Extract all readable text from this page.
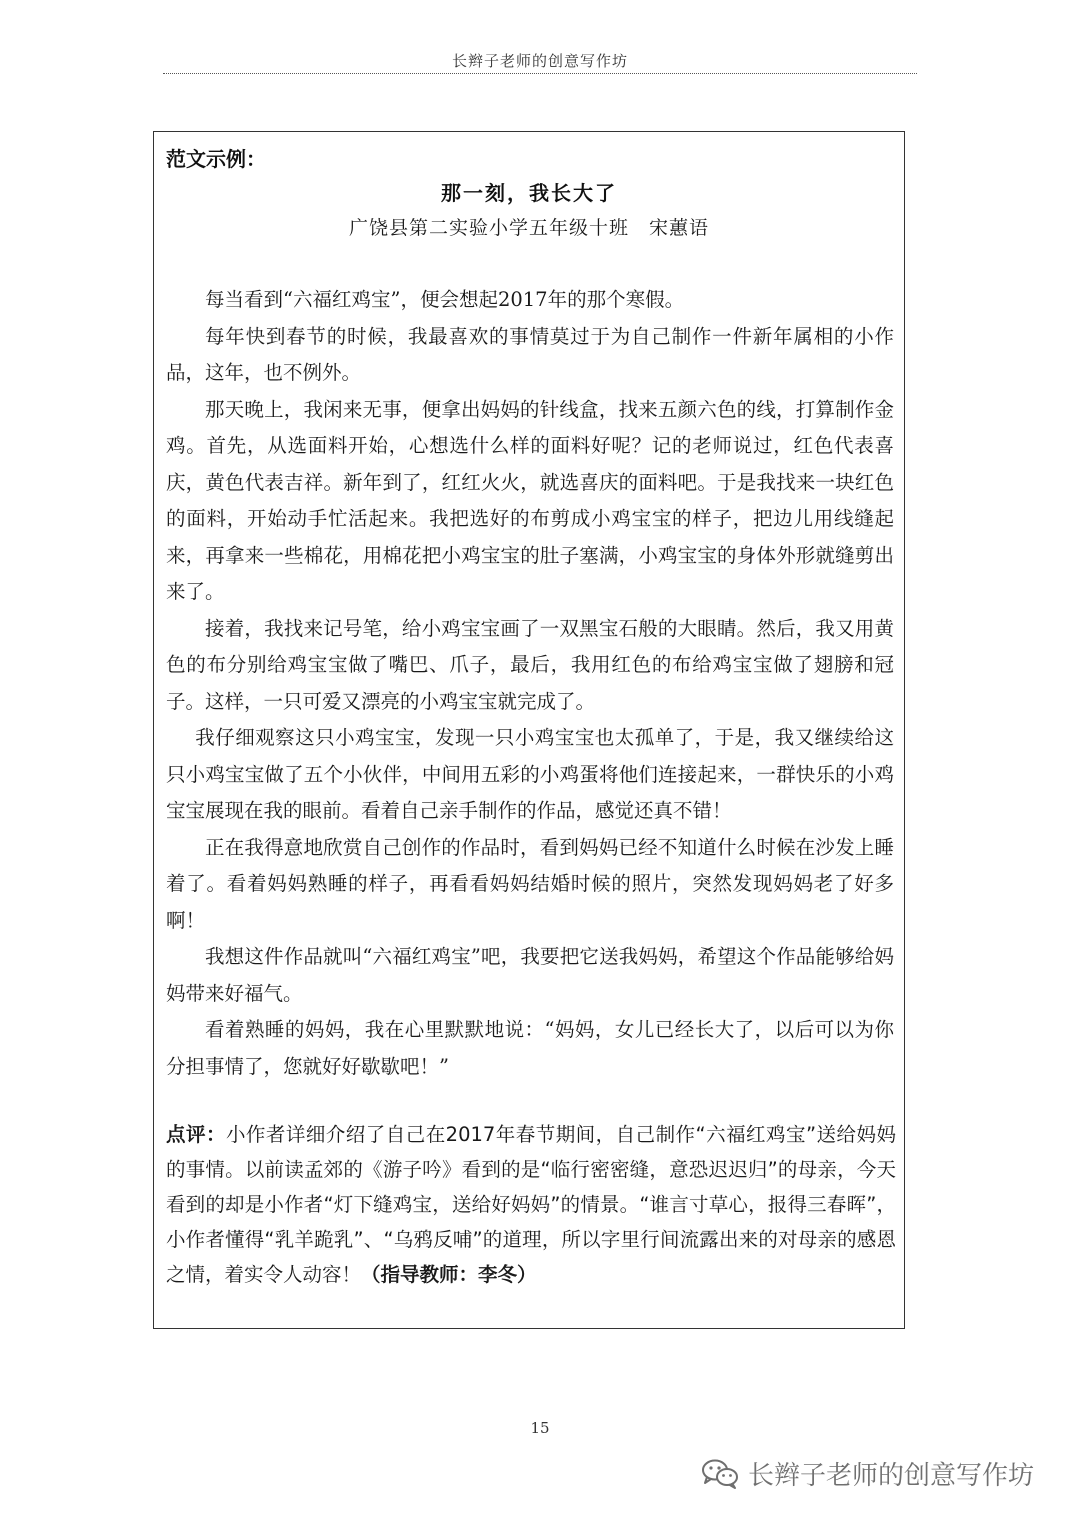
长辫子老师的创意写作坊
范文示例：
那一刻，我长大了
广饶县第二实验小学五年级十班　宋蕙语

每当看到“六福红鸡宝”，便会想起2017年的那个寒假。

每年快到春节的时候，我最喜欢的事情莫过于为自己制作一件新年属相的小作品，这年，也不例外。

那天晚上，我闲来无事，便拿出妈妈的针线盒，找来五颜六色的线，打算制作金鸡。首先，从选面料开始，心想选什么样的面料好呢？记的老师说过，红色代表喜庆，黄色代表吉祥。新年到了，红红火火，就选喜庆的面料吧。于是我找来一块红色的面料，开始动手忙活起来。我把选好的布剪成小鸡宝宝的样子，把边儿用线缝起来，再拿来一些棉花，用棉花把小鸡宝宝的肚子塞满，小鸡宝宝的身体外形就缝剪出来了。

接着，我找来记号笔，给小鸡宝宝画了一双黑宝石般的大眼睛。然后，我又用黄色的布分别给鸡宝宝做了嘴巴、爪子，最后，我用红色的布给鸡宝宝做了翅膀和冠子。这样，一只可爱又漂亮的小鸡宝宝就完成了。

我仔细观察这只小鸡宝宝，发现一只小鸡宝宝也太孤单了，于是，我又继续给这只小鸡宝宝做了五个小伙伴，中间用五彩的小鸡蛋将他们连接起来，一群快乐的小鸡宝宝展现在我的眼前。看着自己亲手制作的作品，感觉还真不错！

正在我得意地欣赏自己创作的作品时，看到妈妈已经不知道什么时候在沙发上睡着了。看着妈妈熟睡的样子，再看看妈妈结婚时候的照片，突然发现妈妈老了好多啊！

我想这件作品就叫“六福红鸡宝”吧，我要把它送我妈妈，希望这个作品能够给妈妈带来好福气。

看着熟睡的妈妈，我在心里默默地说：“妈妈，女儿已经长大了，以后可以为你分担事情了，您就好好歇歇吧！”

点评：小作者详细介绍了自己在2017年春节期间，自己制作“六福红鸡宝”送给妈妈的事情。以前读孟郊的《游子吟》看到的是“临行密密缝，意恐迟迟归”的母亲，今天看到的却是小作者“灯下缝鸡宝，送给好妈妈”的情景。“谁言寸草心，报得三春晖”，小作者懂得“乳羊跪乳”、“乌鸦反哺”的道理，所以字里行间流露出来的对母亲的感恩之情，着实令人动容！（指导教师：李冬）
15
长辫子老师的创意写作坊
